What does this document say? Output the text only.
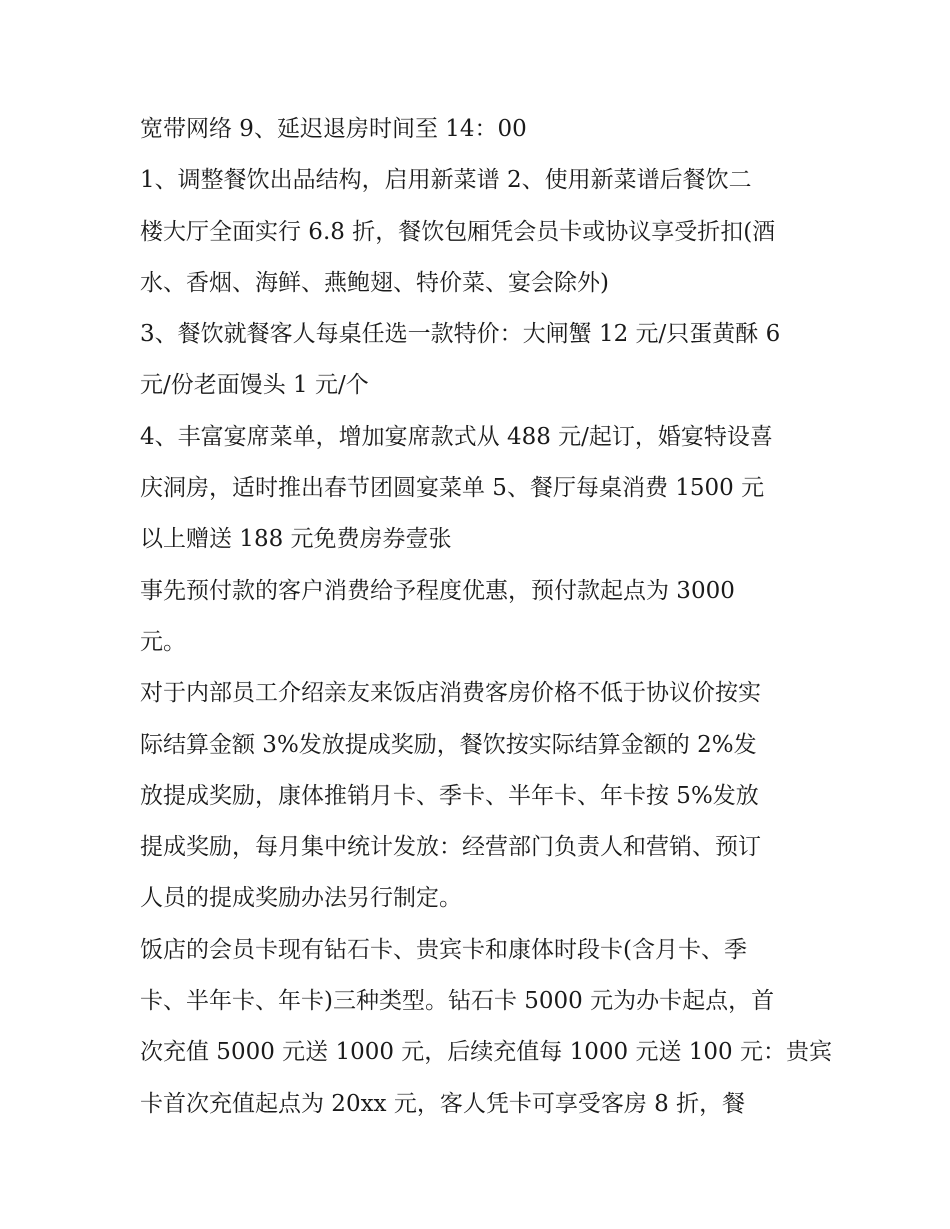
宽带网络 9、延迟退房时间至 14：00
1、调整餐饮出品结构，启用新菜谱 2、使用新菜谱后餐饮二
楼大厅全面实行 6.8 折，餐饮包厢凭会员卡或协议享受折扣(酒
水、香烟、海鲜、燕鲍翅、特价菜、宴会除外)
3、餐饮就餐客人每桌任选一款特价：大闸蟹 12 元/只蛋黄酥 6
元/份老面馒头 1 元/个
4、丰富宴席菜单，增加宴席款式从 488 元/起订，婚宴特设喜
庆洞房，适时推出春节团圆宴菜单 5、餐厅每桌消费 1500 元
以上赠送 188 元免费房券壹张
事先预付款的客户消费给予程度优惠，预付款起点为 3000
元。
对于内部员工介绍亲友来饭店消费客房价格不低于协议价按实
际结算金额 3%发放提成奖励，餐饮按实际结算金额的 2%发
放提成奖励，康体推销月卡、季卡、半年卡、年卡按 5%发放
提成奖励，每月集中统计发放：经营部门负责人和营销、预订
人员的提成奖励办法另行制定。
饭店的会员卡现有钻石卡、贵宾卡和康体时段卡(含月卡、季
卡、半年卡、年卡)三种类型。钻石卡 5000 元为办卡起点，首
次充值 5000 元送 1000 元，后续充值每 1000 元送 100 元：贵宾
卡首次充值起点为 20xx 元，客人凭卡可享受客房 8 折，餐
